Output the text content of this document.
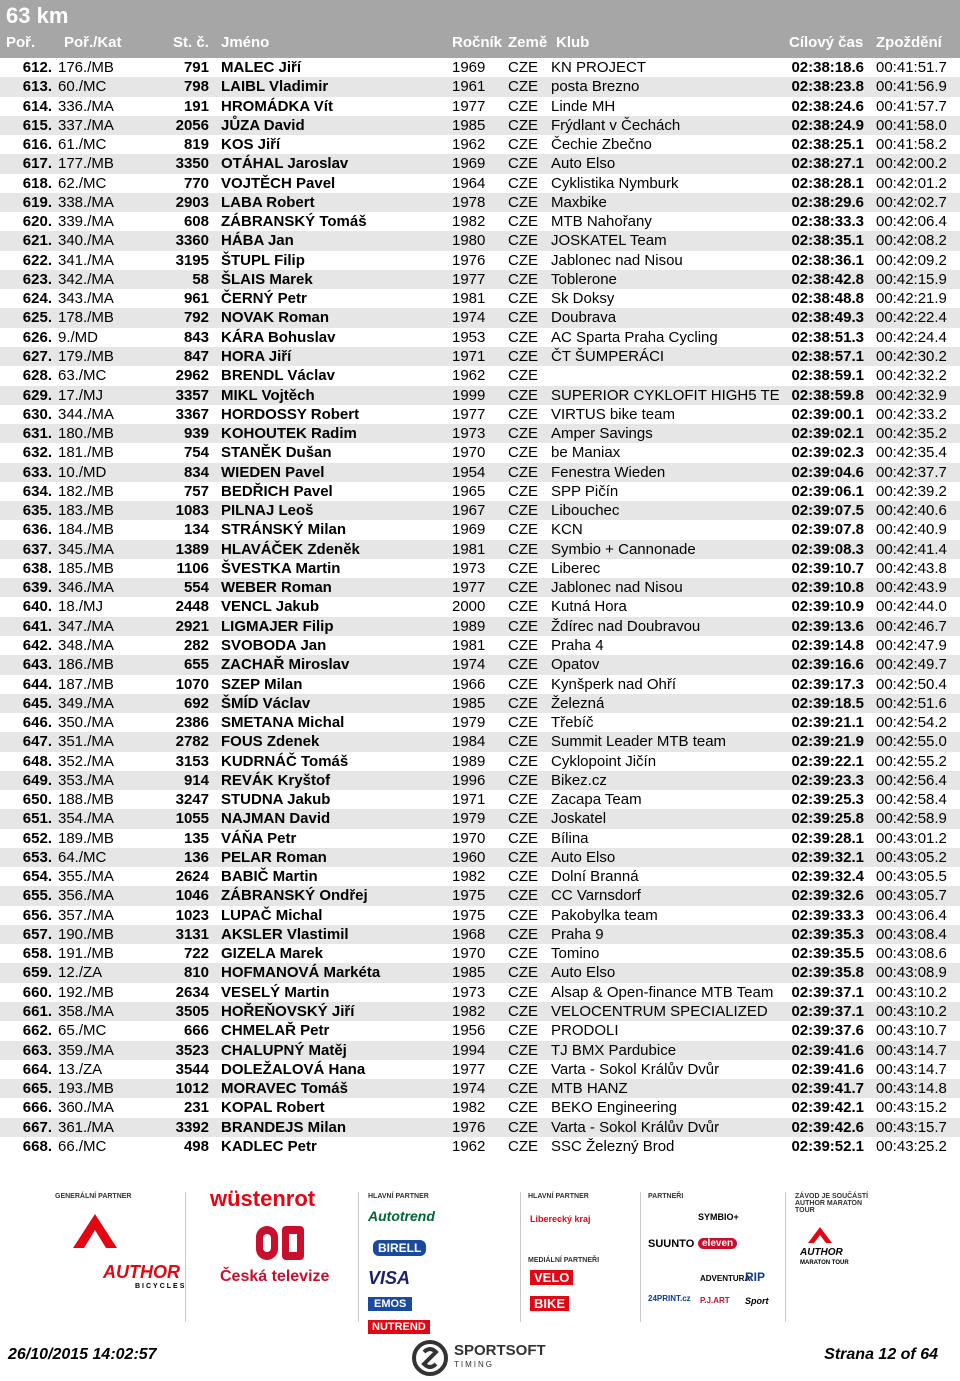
63 km
Poř. Poř./Kat	St. č. Jméno	Ročník Země Klub	Cílový čas Zpoždění
612. 176./MB	791 MALEC Jiří	1969 CZE KN PROJECT	02:38:18.6 00:41:51.7
613. 60./MC	798 LAIBL Vladimir	1961 CZE posta Brezno	02:38:23.8 00:41:56.9
614. 336./MA	191 HROMÁDKA Vít	1977 CZE Linde MH	02:38:24.6 00:41:57.7
615. 337./MA	2056 JŮZA David	1985 CZE Frýdlant v Čechách	02:38:24.9 00:41:58.0
616. 61./MC	819 KOS Jiří	1962 CZE Čechie Zbečno	02:38:25.1 00:41:58.2
617. 177./MB	3350 OTÁHAL Jaroslav	1969 CZE Auto Elso	02:38:27.1 00:42:00.2
618. 62./MC	770 VOJTĚCH Pavel	1964 CZE Cyklistika Nymburk	02:38:28.1 00:42:01.2
619. 338./MA	2903 LABA Robert	1978 CZE Maxbike	02:38:29.6 00:42:02.7
620. 339./MA	608 ZÁBRANSKÝ Tomáš	1982 CZE MTB Nahořany	02:38:33.3 00:42:06.4
621. 340./MA	3360 HÁBA Jan	1980 CZE JOSKATEL Team	02:38:35.1 00:42:08.2
622. 341./MA	3195 ŠTUPL Filip	1976 CZE Jablonec nad Nisou	02:38:36.1 00:42:09.2
623. 342./MA	58 ŠLAIS Marek	1977 CZE Toblerone	02:38:42.8 00:42:15.9
624. 343./MA	961 ČERNÝ Petr	1981 CZE Sk Doksy	02:38:48.8 00:42:21.9
625. 178./MB	792 NOVAK Roman	1974 CZE Doubrava	02:38:49.3 00:42:22.4
626. 9./MD	843 KÁRA Bohuslav	1953 CZE AC Sparta Praha Cycling	02:38:51.3 00:42:24.4
627. 179./MB	847 HORA Jiří	1971 CZE ČT ŠUMPERÁCI	02:38:57.1 00:42:30.2
628. 63./MC	2962 BRENDL Václav	1962 CZE	02:38:59.1 00:42:32.2
629. 17./MJ	3357 MIKL Vojtěch	1999 CZE SUPERIOR CYKLOFIT HIGH5 TE 02:38:59.8 00:42:32.9
630. 344./MA	3367 HORDOSSY Robert	1977 CZE VIRTUS bike team	02:39:00.1 00:42:33.2
631. 180./MB	939 KOHOUTEK Radim	1973 CZE Amper Savings	02:39:02.1 00:42:35.2
632. 181./MB	754 STANĚK Dušan	1970 CZE be Maniax	02:39:02.3 00:42:35.4
633. 10./MD	834 WIEDEN Pavel	1954 CZE Fenestra Wieden	02:39:04.6 00:42:37.7
634. 182./MB	757 BEDŘICH Pavel	1965 CZE SPP Pičín	02:39:06.1 00:42:39.2
635. 183./MB	1083 PILNAJ Leoš	1967 CZE Libouchec	02:39:07.5 00:42:40.6
636. 184./MB	134 STRÁNSKÝ Milan	1969 CZE KCN	02:39:07.8 00:42:40.9
637. 345./MA	1389 HLAVÁČEK Zdeněk	1981 CZE Symbio + Cannonade	02:39:08.3 00:42:41.4
638. 185./MB	1106 ŠVESTKA Martin	1973 CZE Liberec	02:39:10.7 00:42:43.8
639. 346./MA	554 WEBER Roman	1977 CZE Jablonec nad Nisou	02:39:10.8 00:42:43.9
640. 18./MJ	2448 VENCL Jakub	2000 CZE Kutná Hora	02:39:10.9 00:42:44.0
641. 347./MA	2921 LIGMAJER Filip	1989 CZE Ždírec nad Doubravou	02:39:13.6 00:42:46.7
642. 348./MA	282 SVOBODA Jan	1981 CZE Praha 4	02:39:14.8 00:42:47.9
643. 186./MB	655 ZACHAŘ Miroslav	1974 CZE Opatov	02:39:16.6 00:42:49.7
644. 187./MB	1070 SZEP Milan	1966 CZE Kynšperk nad Ohří	02:39:17.3 00:42:50.4
645. 349./MA	692 ŠMÍD Václav	1985 CZE Železná	02:39:18.5 00:42:51.6
646. 350./MA	2386 SMETANA Michal	1979 CZE Třebíč	02:39:21.1 00:42:54.2
647. 351./MA	2782 FOUS Zdenek	1984 CZE Summit Leader MTB team	02:39:21.9 00:42:55.0
648. 352./MA	3153 KUDRNÁČ Tomáš	1989 CZE Cyklopoint Jičín	02:39:22.1 00:42:55.2
649. 353./MA	914 REVÁK Kryštof	1996 CZE Bikez.cz	02:39:23.3 00:42:56.4
650. 188./MB	3247 STUDNA Jakub	1971 CZE Zacapa Team	02:39:25.3 00:42:58.4
651. 354./MA	1055 NAJMAN David	1979 CZE Joskatel	02:39:25.8 00:42:58.9
652. 189./MB	135 VÁŇA Petr	1970 CZE Bílina	02:39:28.1 00:43:01.2
653. 64./MC	136 PELAR Roman	1960 CZE Auto Elso	02:39:32.1 00:43:05.2
654. 355./MA	2624 BABIČ Martin	1982 CZE Dolní Branná	02:39:32.4 00:43:05.5
655. 356./MA	1046 ZÁBRANSKÝ Ondřej	1975 CZE CC Varnsdorf	02:39:32.6 00:43:05.7
656. 357./MA	1023 LUPAČ Michal	1975 CZE Pakobylka team	02:39:33.3 00:43:06.4
657. 190./MB	3131 AKSLER Vlastimil	1968 CZE Praha 9	02:39:35.3 00:43:08.4
658. 191./MB	722 GIZELA Marek	1970 CZE Tomino	02:39:35.5 00:43:08.6
659. 12./ZA	810 HOFMANOVÁ Markéta	1985 CZE Auto Elso	02:39:35.8 00:43:08.9
660. 192./MB	2634 VESELÝ Martin	1973 CZE Alsap & Open-finance MTB Team	02:39:37.1 00:43:10.2
661. 358./MA	3505 HOŘEŇOVSKÝ Jiří	1982 CZE VELOCENTRUM SPECIALIZED	02:39:37.1 00:43:10.2
662. 65./MC	666 CHMELAŘ Petr	1956 CZE PRODOLI	02:39:37.6 00:43:10.7
663. 359./MA	3523 CHALUPNÝ Matěj	1994 CZE TJ BMX Pardubice	02:39:41.6 00:43:14.7
664. 13./ZA	3544 DOLEŽALOVÁ Hana	1977 CZE Varta - Sokol Králův Dvůr	02:39:41.6 00:43:14.7
665. 193./MB	1012 MORAVEC Tomáš	1974 CZE MTB HANZ	02:39:41.7 00:43:14.8
666. 360./MA	231 KOPAL Robert	1982 CZE BEKO Engineering	02:39:42.1 00:43:15.2
667. 361./MA	3392 BRANDEJS Milan	1976 CZE Varta - Sokol Králův Dvůr	02:39:42.6 00:43:15.7
668. 66./MC	498 KADLEC Petr	1962 CZE SSC Železný Brod	02:39:52.1 00:43:25.2
GENERÁLNÍ PARTNER
AUTHOR
BICYCLES
wüstenrot
Česká televize
HLAVNÍ PARTNER
Autotrend
BIRELL
VISA
EMOS
NUTREND
HLAVNÍ PARTNER
Liberecký kraj
MEDIÁLNÍ PARTNEŘI
VELO
BIKE
PARTNEŘI
SUUNTO eleven
SYMBIO+
ADVENTURA
24PRINT.cz P.J.ART
RIP
Sport
ZÁVOD JE SOUČÁSTÍ AUTHOR MARATON TOUR
AUTHOR
MARATON TOUR
26/10/2015 14:02:57	SPORTSOFT
TIMING
Strana 12 of 64
